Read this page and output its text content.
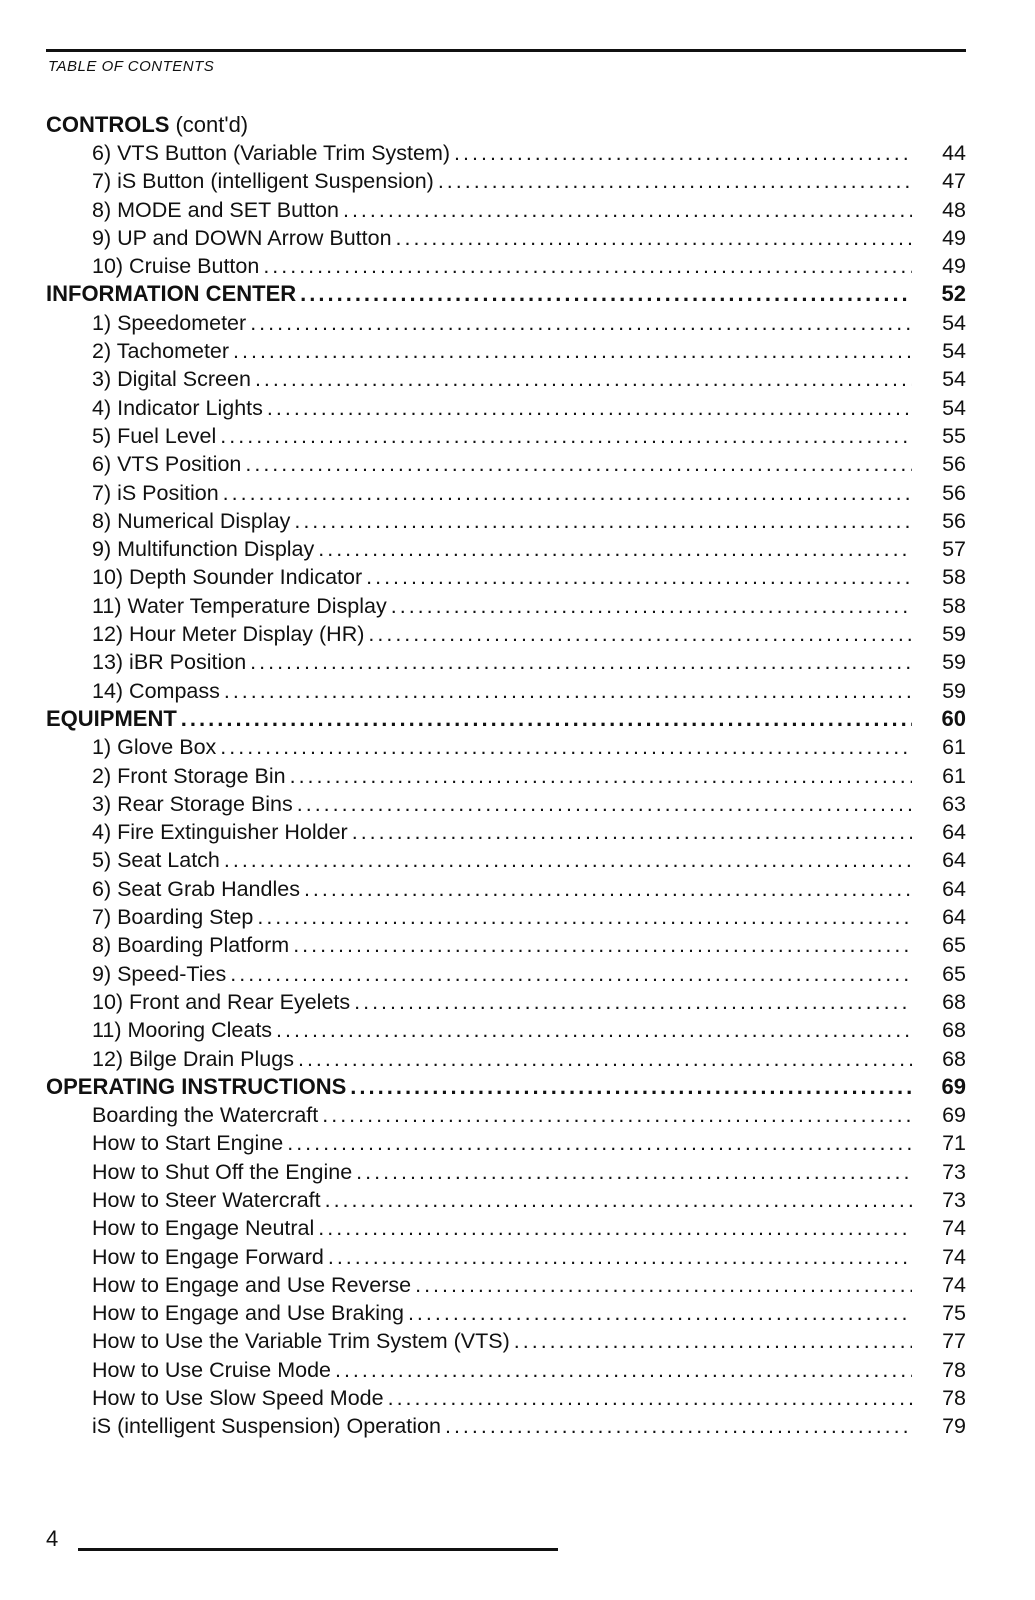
TABLE OF CONTENTS
CONTROLS (cont'd)
6) VTS Button (Variable Trim System) .....	44
7) iS Button (intelligent Suspension) .....	47
8) MODE and SET Button .....	48
9) UP and DOWN Arrow Button .....	49
10) Cruise Button .....	49
INFORMATION CENTER .....	52
1) Speedometer .....	54
2) Tachometer .....	54
3) Digital Screen .....	54
4) Indicator Lights .....	54
5) Fuel Level .....	55
6) VTS Position .....	56
7) iS Position .....	56
8) Numerical Display .....	56
9) Multifunction Display .....	57
10) Depth Sounder Indicator .....	58
11) Water Temperature Display .....	58
12) Hour Meter Display (HR) .....	59
13) iBR Position .....	59
14) Compass .....	59
EQUIPMENT .....	60
1) Glove Box .....	61
2) Front Storage Bin .....	61
3) Rear Storage Bins .....	63
4) Fire Extinguisher Holder .....	64
5) Seat Latch .....	64
6) Seat Grab Handles .....	64
7) Boarding Step .....	64
8) Boarding Platform .....	65
9) Speed-Ties .....	65
10) Front and Rear Eyelets .....	68
11) Mooring Cleats .....	68
12) Bilge Drain Plugs .....	68
OPERATING INSTRUCTIONS .....	69
Boarding the Watercraft .....	69
How to Start Engine .....	71
How to Shut Off the Engine .....	73
How to Steer Watercraft .....	73
How to Engage Neutral .....	74
How to Engage Forward .....	74
How to Engage and Use Reverse .....	74
How to Engage and Use Braking .....	75
How to Use the Variable Trim System (VTS) .....	77
How to Use Cruise Mode .....	78
How to Use Slow Speed Mode .....	78
iS (intelligent Suspension) Operation .....	79
4
